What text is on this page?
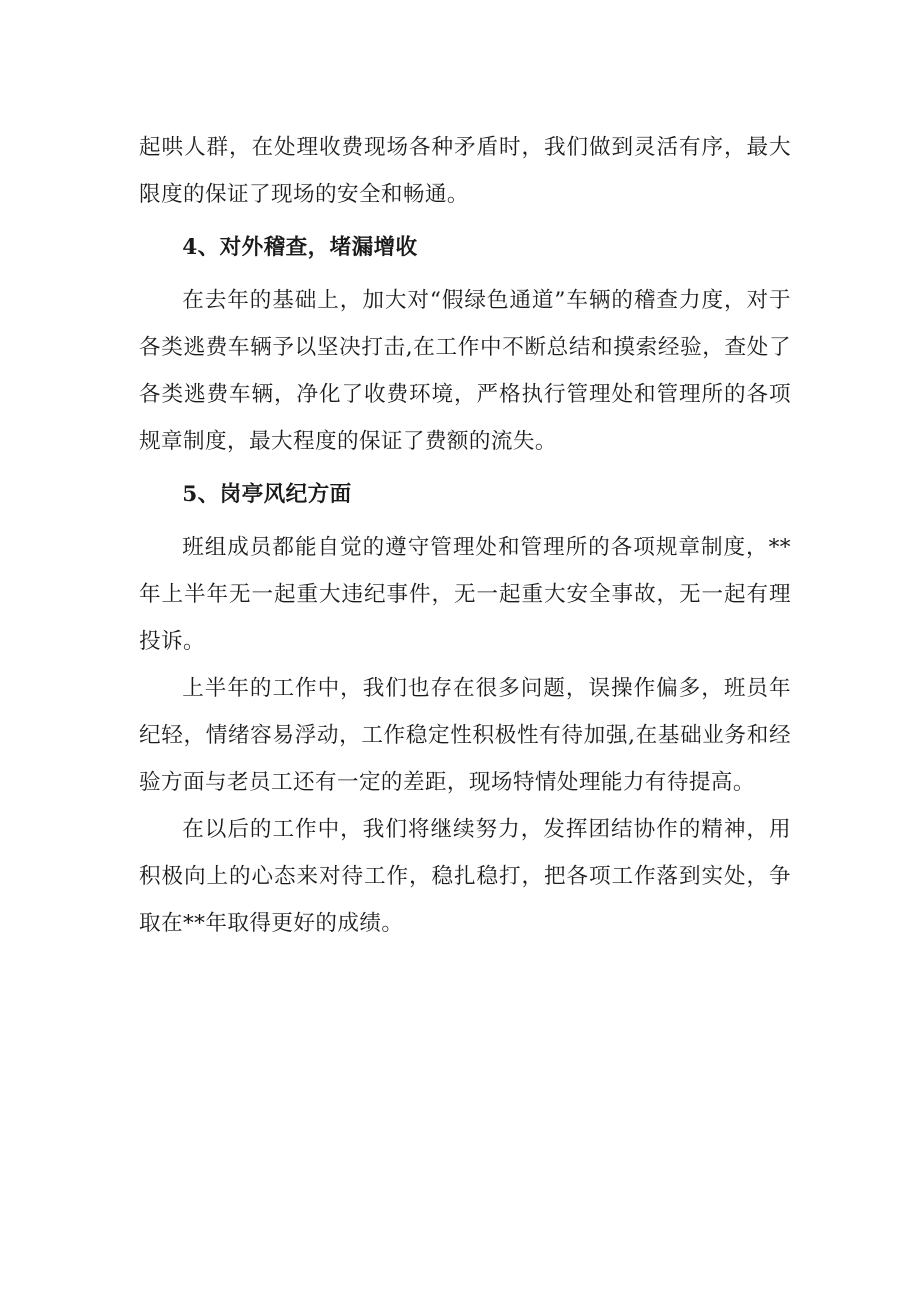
起哄人群，在处理收费现场各种矛盾时，我们做到灵活有序，最大限度的保证了现场的安全和畅通。

4、对外稽查，堵漏增收

在去年的基础上，加大对“假绿色通道”车辆的稽查力度，对于各类逃费车辆予以坚决打击,在工作中不断总结和摸索经验，查处了各类逃费车辆，净化了收费环境，严格执行管理处和管理所的各项规章制度，最大程度的保证了费额的流失。

5、岗亭风纪方面

班组成员都能自觉的遵守管理处和管理所的各项规章制度，**年上半年无一起重大违纪事件，无一起重大安全事故，无一起有理投诉。

上半年的工作中，我们也存在很多问题，误操作偏多，班员年纪轻，情绪容易浮动，工作稳定性积极性有待加强,在基础业务和经验方面与老员工还有一定的差距，现场特情处理能力有待提高。

在以后的工作中，我们将继续努力，发挥团结协作的精神，用积极向上的心态来对待工作，稳扎稳打，把各项工作落到实处，争取在**年取得更好的成绩。
